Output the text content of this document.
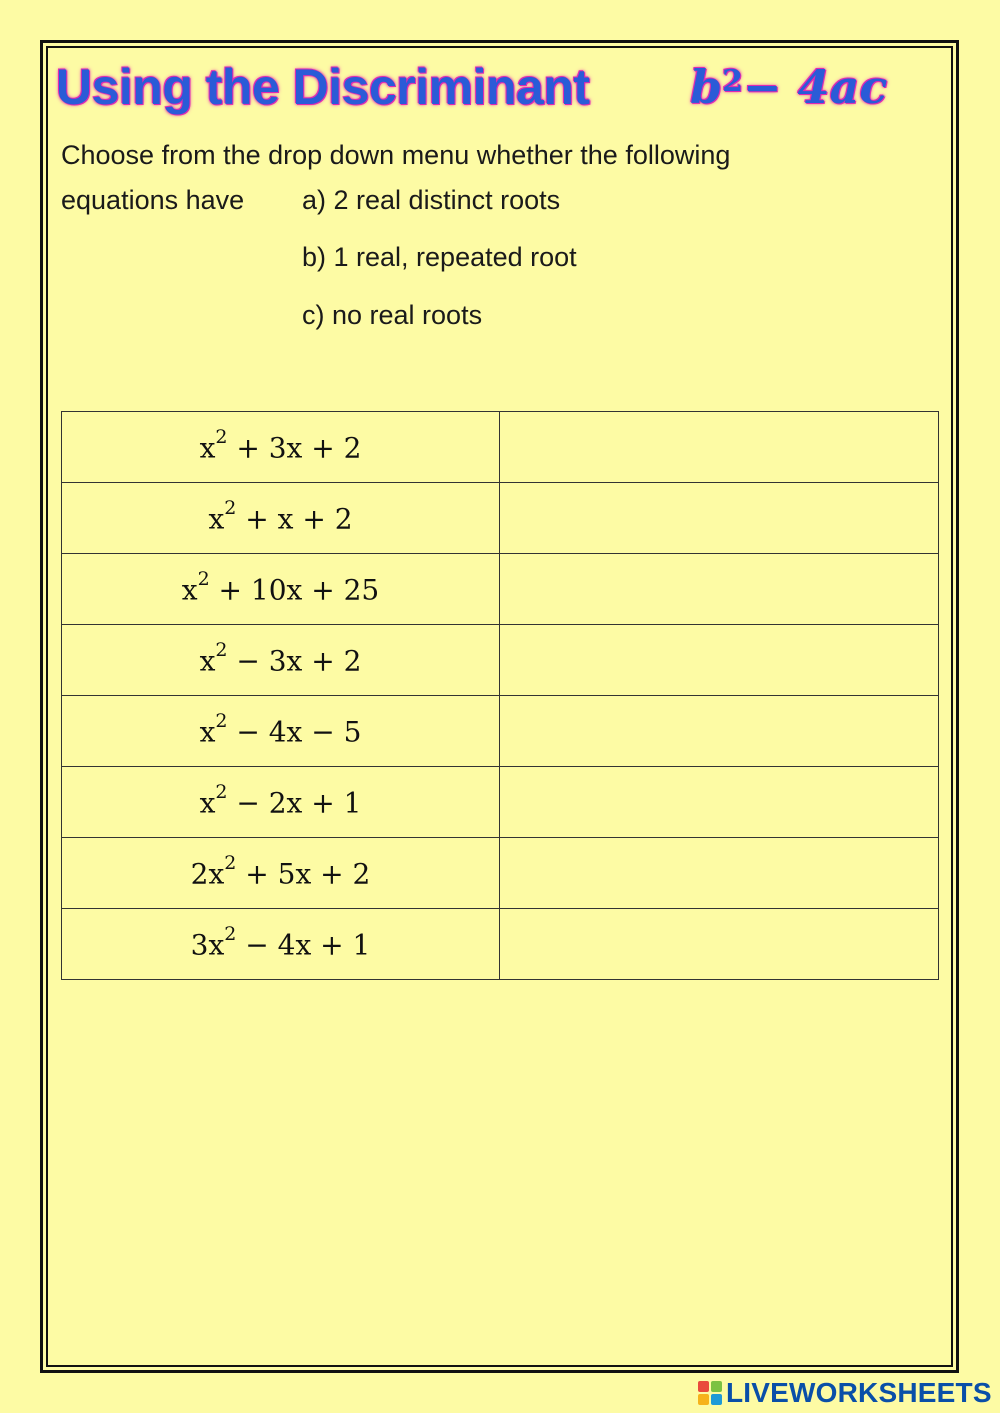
Using the Discriminant $b^2 - 4ac$
Choose from the drop down menu whether the following
equations have a) 2 real distinct roots
b) 1 real, repeated root
c) no real roots
$x^2 + 3x + 2$	
$x^2 + x + 2$	
$x^2 + 10x + 25$	
$x^2 - 3x + 2$	
$x^2 - 4x - 5$	
$x^2 - 2x + 1$	
$2x^2 + 5x + 2$	
$3x^2 - 4x + 1$	
LIVEWORKSHEETS
